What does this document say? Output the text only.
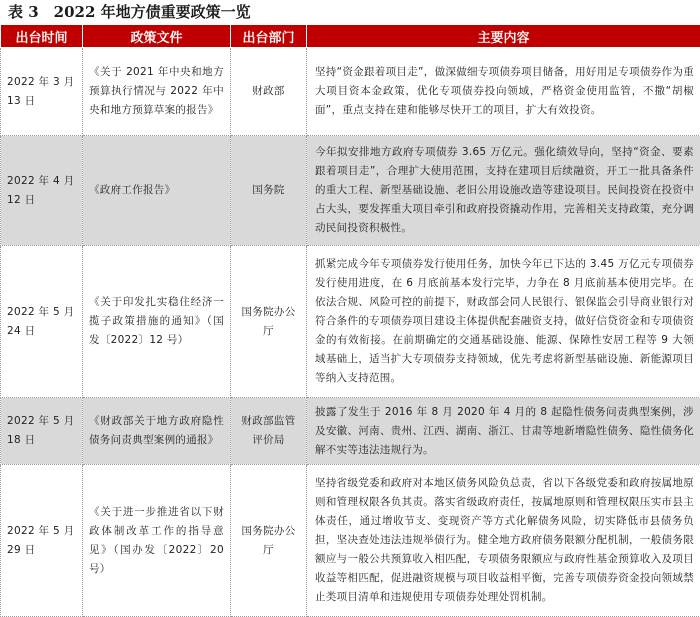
表 3　2022 年地方债重要政策一览
出台时间	政策文件	出台部门	主要内容
2022 年 3 月 13 日	《关于 2021 年中央和地方预算执行情况与 2022 年中央和地方预算草案的报告》	财政部	坚持“资金跟着项目走”，做深做细专项债券项目储备，用好用足专项债券作为重大项目资本金政策，优化专项债券投向领域，严格资金使用监管，不撒“胡椒面”，重点支持在建和能够尽快开工的项目，扩大有效投资。
2022 年 4 月 12 日	《政府工作报告》	国务院	今年拟安排地方政府专项债券 3.65 万亿元。强化绩效导向，坚持“资金、要素跟着项目走”，合理扩大使用范围，支持在建项目后续融资，开工一批具备条件的重大工程、新型基础设施、老旧公用设施改造等建设项目。民间投资在投资中占大头，要发挥重大项目牵引和政府投资撬动作用，完善相关支持政策，充分调动民间投资积极性。
2022 年 5 月 24 日	《关于印发扎实稳住经济一揽子政策措施的通知》（国发〔2022〕12 号）	国务院办公厅	抓紧完成今年专项债券发行使用任务，加快今年已下达的 3.45 万亿元专项债券发行使用进度，在 6 月底前基本发行完毕，力争在 8 月底前基本使用完毕。在依法合规、风险可控的前提下，财政部会同人民银行、银保监会引导商业银行对符合条件的专项债券项目建设主体提供配套融资支持，做好信贷资金和专项债资金的有效衔接。在前期确定的交通基础设施、能源、保障性安居工程等 9 大领域基础上，适当扩大专项债券支持领域，优先考虑将新型基础设施、新能源项目等纳入支持范围。
2022 年 5 月 18 日	《财政部关于地方政府隐性债务问责典型案例的通报》	财政部监管评价局	披露了发生于 2016 年 8 月 2020 年 4 月的 8 起隐性债务问责典型案例，涉及安徽、河南、贵州、江西、湖南、浙江、甘肃等地新增隐性债务、隐性债务化解不实等违法违规行为。
2022 年 5 月 29 日	《关于进一步推进省以下财政体制改革工作的指导意见》（国办发〔2022〕20 号）	国务院办公厅	坚持省级党委和政府对本地区债务风险负总责，省以下各级党委和政府按属地原则和管理权限各负其责。落实省级政府责任，按属地原则和管理权限压实市县主体责任，通过增收节支、变现资产等方式化解债务风险，切实降低市县债务负担，坚决查处违法违规举债行为。健全地方政府债务限额分配机制，一般债务限额应与一般公共预算收入相匹配，专项债务限额应与政府性基金预算收入及项目收益等相匹配，促进融资规模与项目收益相平衡，完善专项债券资金投向领域禁止类项目清单和违规使用专项债券处理处罚机制。
